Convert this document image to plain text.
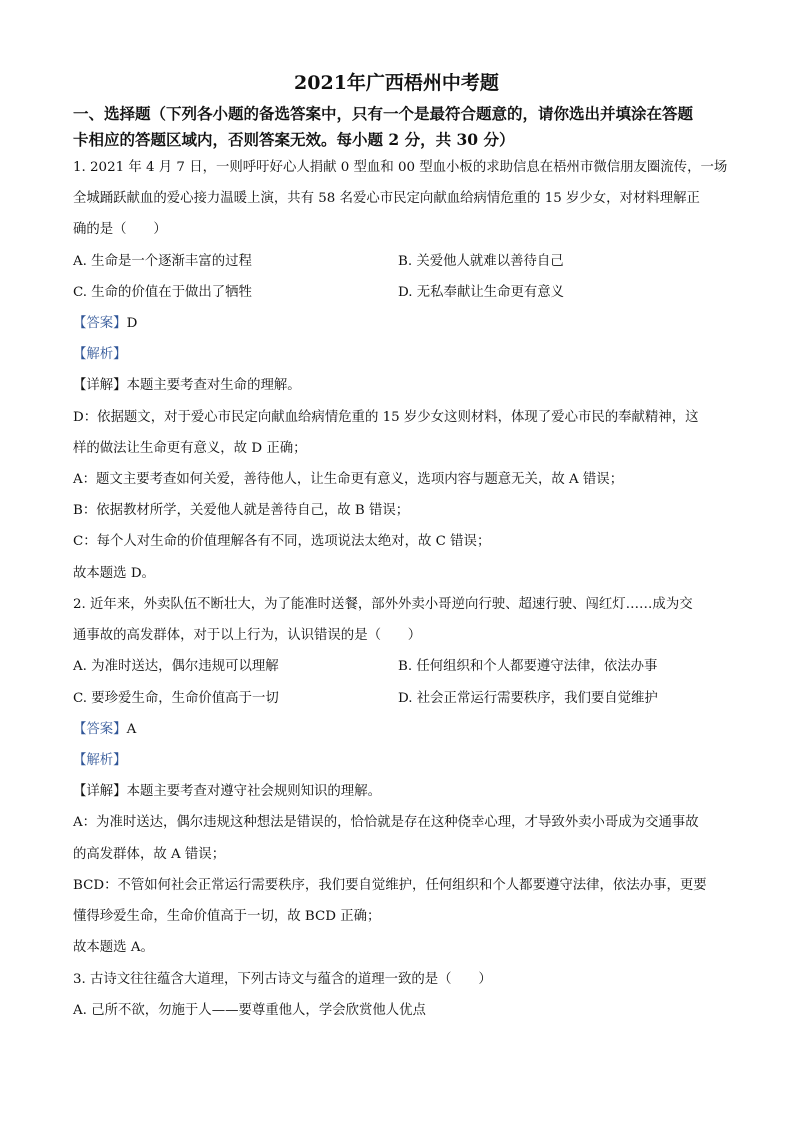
2021年广西梧州中考题
一、选择题（下列各小题的备选答案中，只有一个是最符合题意的，请你选出并填涂在答题
卡相应的答题区域内，否则答案无效。每小题 2 分，共 30 分）
1. 2021 年 4 月 7 日，一则呼吁好心人捐献 0 型血和 00 型血小板的求助信息在梧州市微信朋友圈流传，一场
全城踊跃献血的爱心接力温暖上演，共有 58 名爱心市民定向献血给病情危重的 15 岁少女，对材料理解正
确的是（　　）
A. 生命是一个逐渐丰富的过程	B. 关爱他人就难以善待自己
C. 生命的价值在于做出了牺牲	D. 无私奉献让生命更有意义
【答案】D
【解析】
【详解】本题主要考查对生命的理解。
D：依据题文，对于爱心市民定向献血给病情危重的 15 岁少女这则材料，体现了爱心市民的奉献精神，这
样的做法让生命更有意义，故 D 正确；
A：题文主要考查如何关爱，善待他人，让生命更有意义，选项内容与题意无关，故 A 错误；
B：依据教材所学，关爱他人就是善待自己，故 B 错误；
C：每个人对生命的价值理解各有不同，选项说法太绝对，故 C 错误；
故本题选 D。
2. 近年来，外卖队伍不断壮大，为了能准时送餐，部外外卖小哥逆向行驶、超速行驶、闯红灯……成为交
通事故的高发群体，对于以上行为，认识错误的是（　　）
A. 为准时送达，偶尔违规可以理解	B. 任何组织和个人都要遵守法律，依法办事
C. 要珍爱生命，生命价值高于一切	D. 社会正常运行需要秩序，我们要自觉维护
【答案】A
【解析】
【详解】本题主要考查对遵守社会规则知识的理解。
A：为准时送达，偶尔违规这种想法是错误的，恰恰就是存在这种侥幸心理，才导致外卖小哥成为交通事故
的高发群体，故 A 错误；
BCD：不管如何社会正常运行需要秩序，我们要自觉维护，任何组织和个人都要遵守法律，依法办事，更要
懂得珍爱生命，生命价值高于一切，故 BCD 正确；
故本题选 A。
3. 古诗文往往蕴含大道理，下列古诗文与蕴含的道理一致的是（　　）
A. 己所不欲，勿施于人——要尊重他人，学会欣赏他人优点
